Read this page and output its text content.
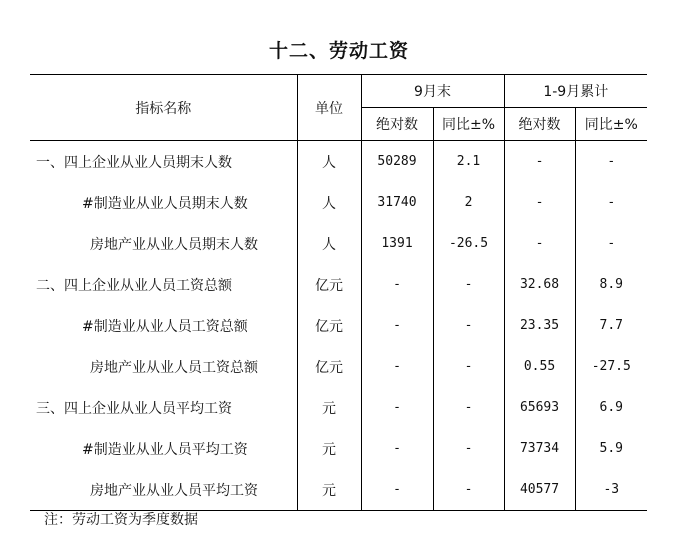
十二、劳动工资
指标名称	单位	9月末		1-9月累计	
		绝对数	同比±%	绝对数	同比±%
一、四上企业从业人员期末人数	人	50289	2.1	-	-
#制造业从业人员期末人数	人	31740	2	-	-
房地产业从业人员期末人数	人	1391	-26.5	-	-
二、四上企业从业人员工资总额	亿元	-	-	32.68	8.9
#制造业从业人员工资总额	亿元	-	-	23.35	7.7
房地产业从业人员工资总额	亿元	-	-	0.55	-27.5
三、四上企业从业人员平均工资	元	-	-	65693	6.9
#制造业从业人员平均工资	元	-	-	73734	5.9
房地产业从业人员平均工资	元	-	-	40577	-3
注：劳动工资为季度数据
